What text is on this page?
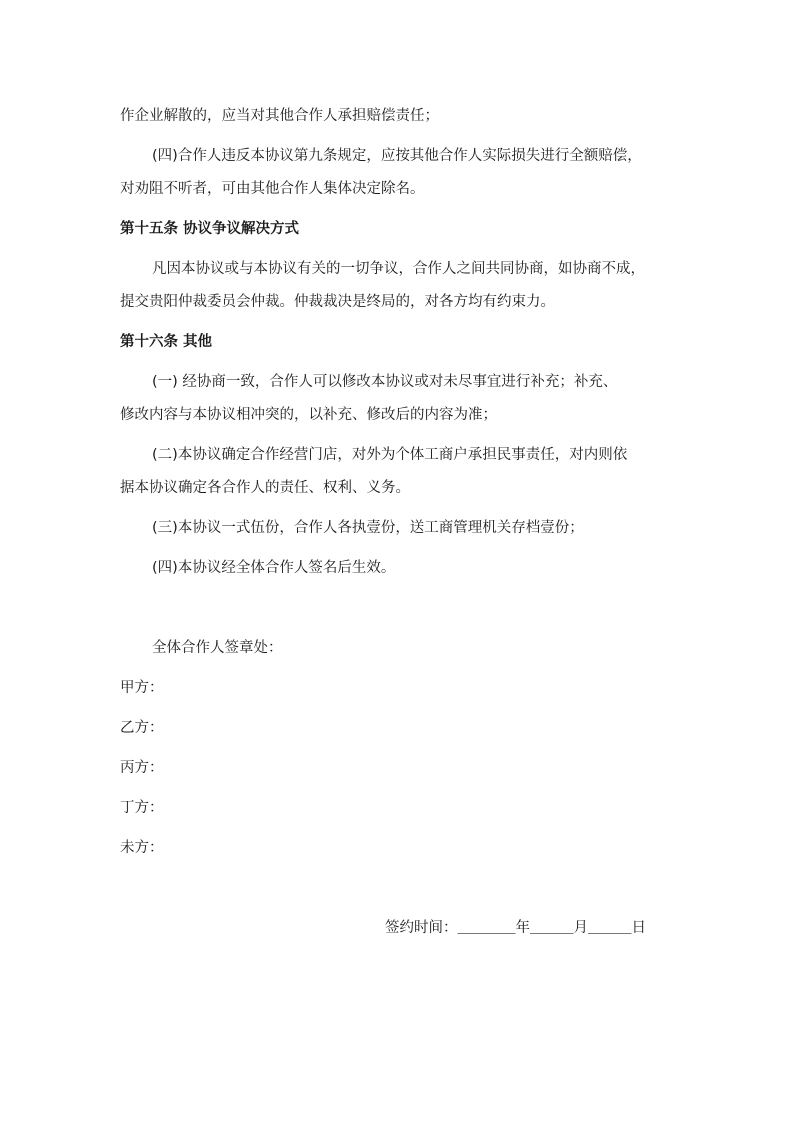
作企业解散的，应当对其他合作人承担赔偿责任；
(四)合作人违反本协议第九条规定，应按其他合作人实际损失进行全额赔偿，
对劝阻不听者，可由其他合作人集体决定除名。
第十五条 协议争议解决方式
凡因本协议或与本协议有关的一切争议，合作人之间共同协商，如协商不成，
提交贵阳仲裁委员会仲裁。仲裁裁决是终局的，对各方均有约束力。
第十六条 其他
(一) 经协商一致，合作人可以修改本协议或对未尽事宜进行补充；补充、
修改内容与本协议相冲突的，以补充、修改后的内容为准；
(二)本协议确定合作经营门店，对外为个体工商户承担民事责任，对内则依
据本协议确定各合作人的责任、权利、义务。
(三)本协议一式伍份，合作人各执壹份，送工商管理机关存档壹份；
(四)本协议经全体合作人签名后生效。
全体合作人签章处：
甲方：
乙方：
丙方：
丁方：
未方：
签约时间：＿＿＿＿年＿＿＿月＿＿＿日
